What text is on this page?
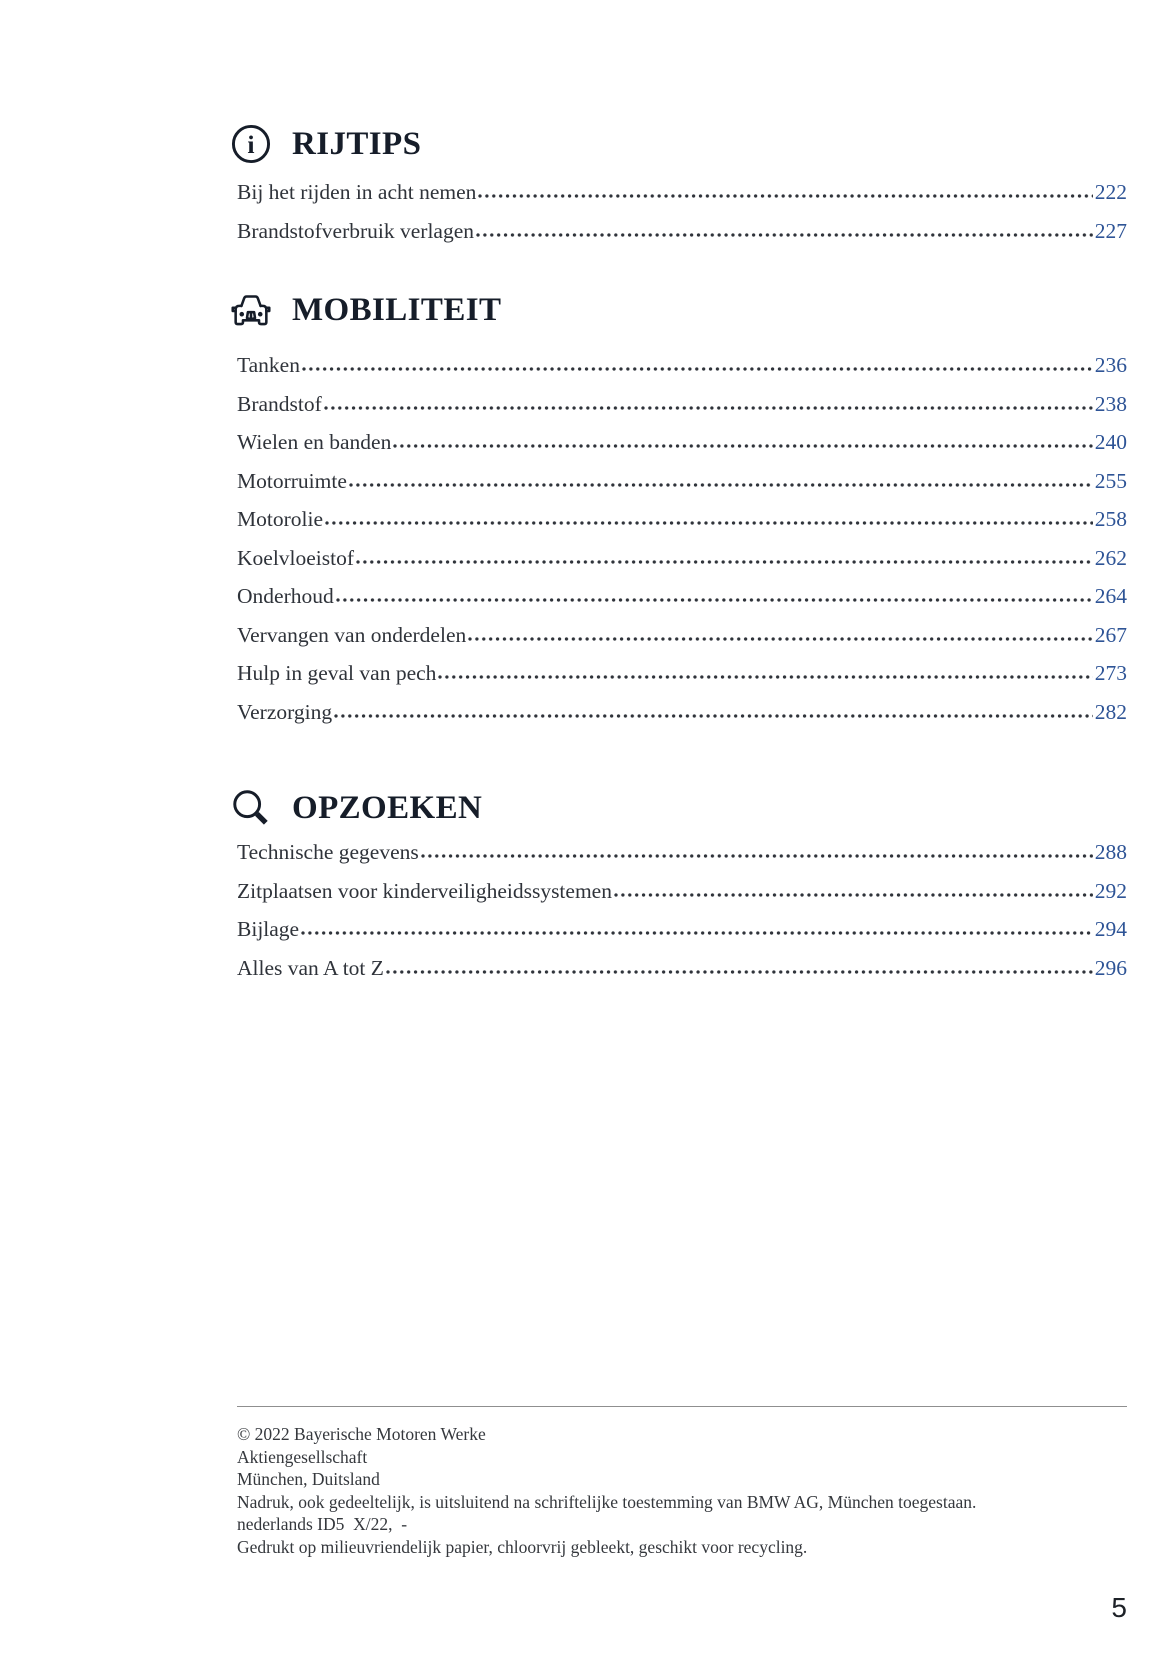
i RIJTIPS
Bij het rijden in acht nemen	222
Brandstofverbruik verlagen	227
MOBILITEIT
Tanken	236
Brandstof	238
Wielen en banden	240
Motorruimte	255
Motorolie	258
Koelvloeistof	262
Onderhoud	264
Vervangen van onderdelen	267
Hulp in geval van pech	273
Verzorging	282
OPZOEKEN
Technische gegevens	288
Zitplaatsen voor kinderveiligheidssystemen	292
Bijlage	294
Alles van A tot Z	296
© 2022 Bayerische Motoren Werke
Aktiengesellschaft
München, Duitsland
Nadruk, ook gedeeltelijk, is uitsluitend na schriftelijke toestemming van BMW AG, München toegestaan.
nederlands ID5  X/22,  -
Gedrukt op milieuvriendelijk papier, chloorvrij gebleekt, geschikt voor recycling.
5
